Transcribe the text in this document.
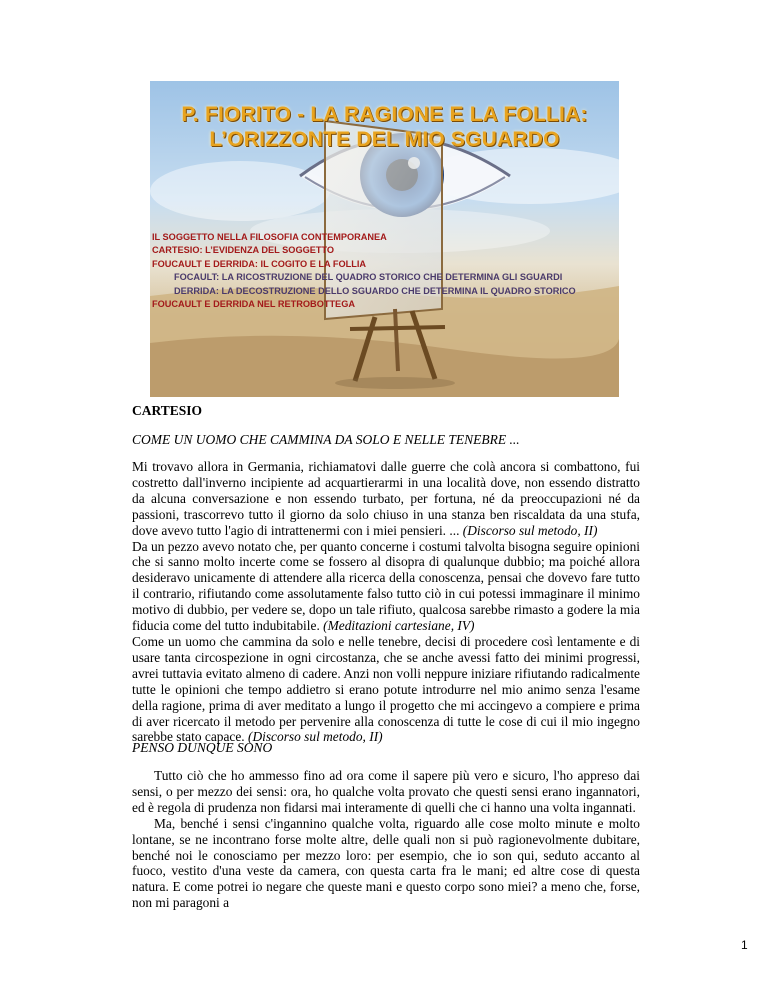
P. FIORITO - LA RAGIONE E LA FOLLIA:
L’ORIZZONTE DEL MIO SGUARDO
IL SOGGETTO NELLA FILOSOFIA CONTEMPORANEA
CARTESIO: L’EVIDENZA DEL SOGGETTO
FOUCAULT E DERRIDA: IL COGITO E LA FOLLIA
FOCAULT: LA RICOSTRUZIONE DEL QUADRO STORICO CHE DETERMINA GLI SGUARDI
DERRIDA: LA DECOSTRUZIONE DELLO SGUARDO CHE DETERMINA IL QUADRO STORICO
FOUCAULT E DERRIDA NEL RETROBOTTEGA
CARTESIO
COME UN UOMO CHE CAMMINA DA SOLO E NELLE TENEBRE ...

Mi trovavo allora in Germania, richiamatovi dalle guerre che colà ancora si combattono, fui costretto dall'inverno incipiente ad acquartierarmi in una località dove, non essendo distratto da alcuna conversazione e non essendo turbato, per fortuna, né da preoccupazioni né da passioni, trascorrevo tutto il giorno da solo chiuso in una stanza ben riscaldata da una stufa, dove avevo tutto l'agio di intrattenermi con i miei pensieri. ... (Discorso sul metodo, II)

Da un pezzo avevo notato che, per quanto concerne i costumi talvolta bisogna seguire opinioni che si sanno molto incerte come se fossero al disopra di qualunque dubbio; ma poiché allora desideravo unicamente di attendere alla ricerca della conoscenza, pensai che dovevo fare tutto il contrario, rifiutando come assolutamente falso tutto ciò in cui potessi immaginare il minimo motivo di dubbio, per vedere se, dopo un tale rifiuto, qualcosa sarebbe rimasto a godere la mia fiducia come del tutto indubitabile. (Meditazioni cartesiane, IV)

Come un uomo che cammina da solo e nelle tenebre, decisi di procedere così lentamente e di usare tanta circospezione in ogni circostanza, che se anche avessi fatto dei minimi progressi, avrei tuttavia evitato almeno di cadere. Anzi non volli neppure iniziare rifiutando radicalmente tutte le opinioni che tempo addietro si erano potute introdurre nel mio animo senza l'esame della ragione, prima di aver meditato a lungo il progetto che mi accingevo a compiere e prima di aver ricercato il metodo per pervenire alla conoscenza di tutte le cose di cui il mio ingegno sarebbe stato capace. (Discorso sul metodo, II)

PENSO DUNQUE SONO

Tutto ciò che ho ammesso fino ad ora come il sapere più vero e sicuro, l'ho appreso dai sensi, o per mezzo dei sensi: ora, ho qualche volta provato che questi sensi erano ingannatori, ed è regola di prudenza non fidarsi mai interamente di quelli che ci hanno una volta ingannati.

Ma, benché i sensi c'ingannino qualche volta, riguardo alle cose molto minute e molto lontane, se ne incontrano forse molte altre, delle quali non si può ragionevolmente dubitare, benché noi le conosciamo per mezzo loro: per esempio, che io son qui, seduto accanto al fuoco, vestito d'una veste da camera, con questa carta fra le mani; ed altre cose di questa natura. E come potrei io negare che queste mani e questo corpo sono miei? a meno che, forse, non mi paragoni a

1
